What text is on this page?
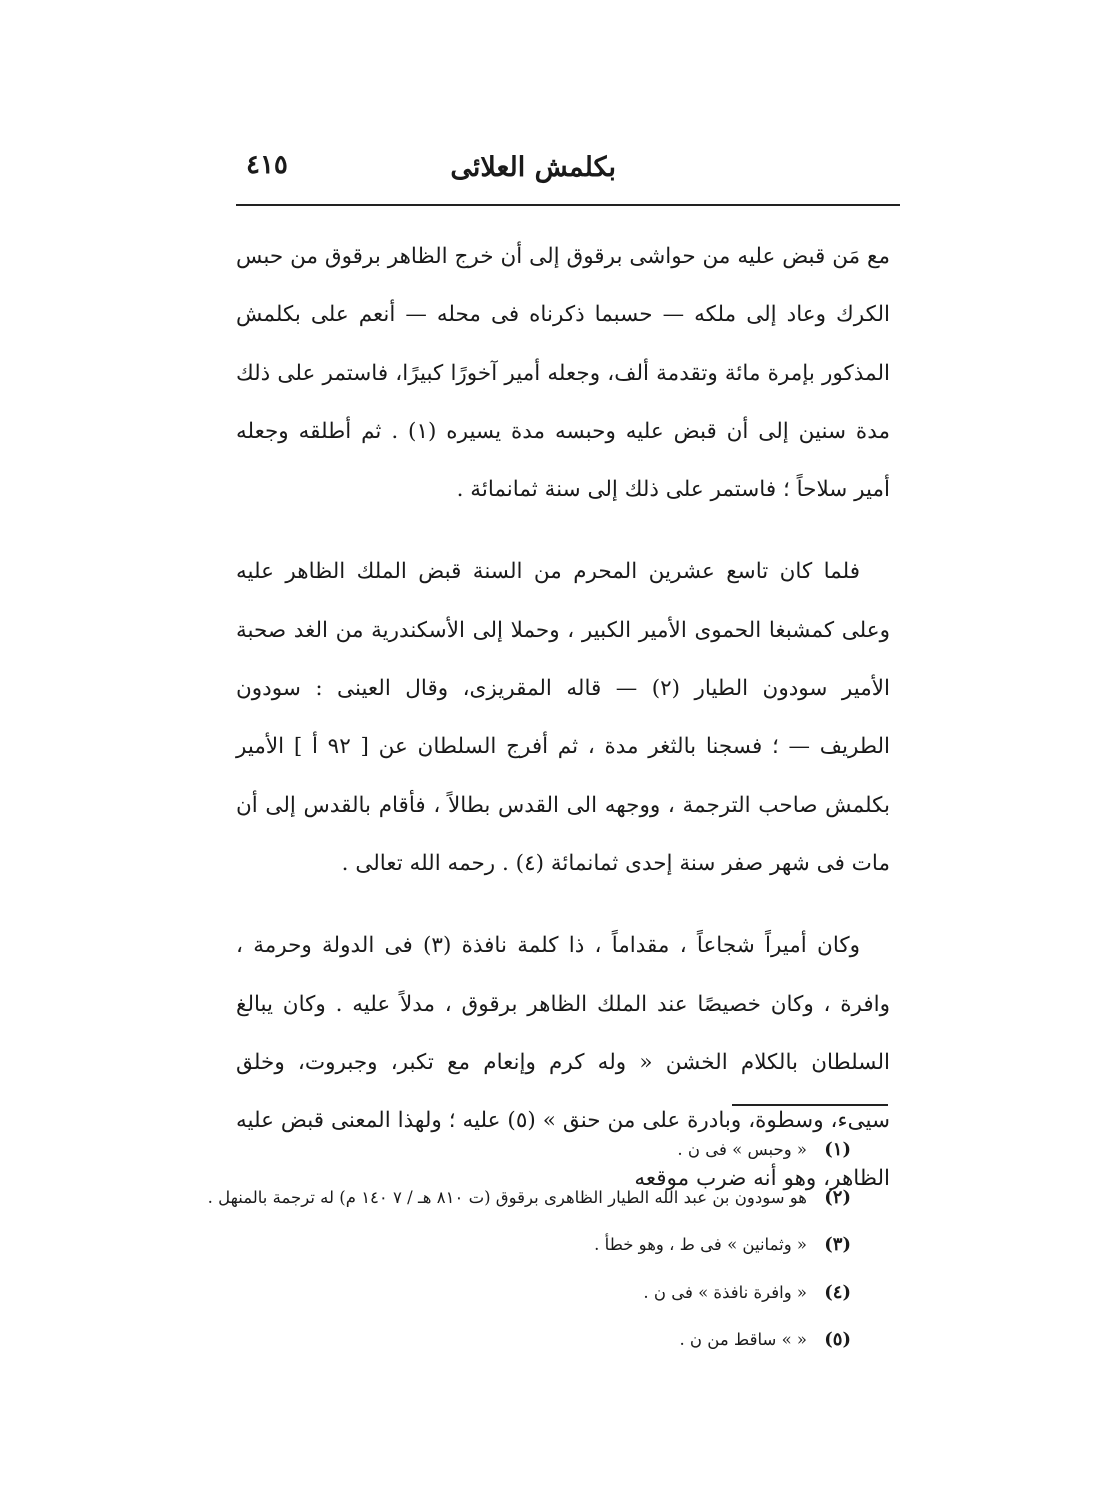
بكلمش العلائى
٤١٥

مع مَن قبض عليه من حواشى برقوق إلى أن خرج الظاهر برقوق من حبس الكرك وعاد إلى ملكه — حسبما ذكرناه فى محله — أنعم على بكلمش المذكور بإمرة مائة وتقدمة ألف، وجعله أمير آخورًا كبيرًا، فاستمر على ذلك مدة سنين إلى أن قبض عليه وحبسه مدة يسيره (١) . ثم أطلقه وجعله أمير سلاحاً ؛ فاستمر على ذلك إلى سنة ثمانمائة .

فلما كان تاسع عشرين المحرم من السنة قبض الملك الظاهر عليه وعلى كمشبغا الحموى الأمير الكبير ، وحملا إلى الأسكندرية من الغد صحبة الأمير سودون الطيار (٢) — قاله المقريزى، وقال العينى : سودون الطريف — ؛ فسجنا بالثغر مدة ، ثم أفرج السلطان عن [ ٩٢ أ ] الأمير بكلمش صاحب الترجمة ، ووجهه الى القدس بطالاً ، فأقام بالقدس إلى أن مات فى شهر صفر سنة إحدى ثمانمائة (٤) . رحمه الله تعالى .

وكان أميراً شجاعاً ، مقداماً ، ذا كلمة نافذة (٣) فى الدولة وحرمة ، وافرة ، وكان خصيصًا عند الملك الظاهر برقوق ، مدلاً عليه . وكان يبالغ السلطان بالكلام الخشن « وله كرم وإنعام مع تكبر، وجبروت، وخلق سيىء، وسطوة، وبادرة على من حنق » (٥) عليه ؛ ولهذا المعنى قبض عليه الظاهر، وهو أنه ضرب موقعه

(١) « وحبس » فى ن .
(٢) هو سودون بن عبد الله الطيار الظاهرى برقوق (ت ٨١٠ هـ / ٧ ١٤٠ م) له ترجمة بالمنهل .
(٣) « وثمانين » فى ط ، وهو خطأ .
(٤) « وافرة نافذة » فى ن .
(٥) « » ساقط من ن .
